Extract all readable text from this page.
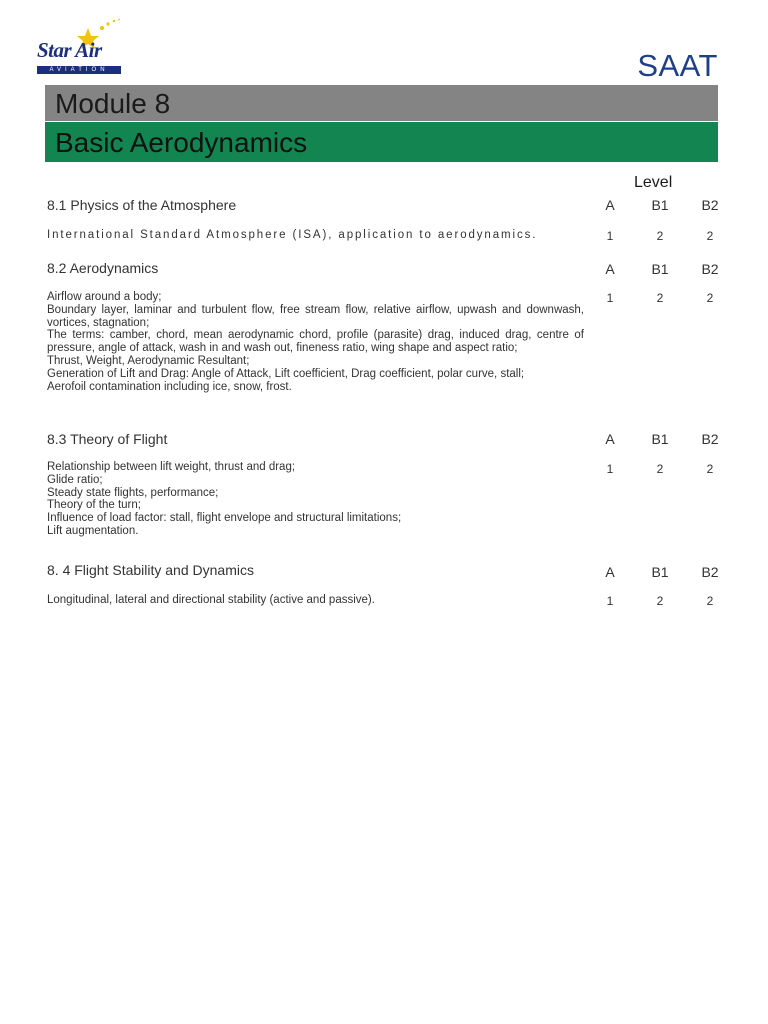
Star Air
AVIATION	SAAT
Module 8
Basic Aerodynamics
Level
8.1 Physics of the Atmosphere	A	B1	B2
International Standard Atmosphere (ISA), application to aerodynamics.	1	2	2
8.2 Aerodynamics	A	B1	B2
Airflow around a body;
Boundary layer, laminar and turbulent flow, free stream flow, relative airflow, upwash and downwash, vortices, stagnation;
The terms: camber, chord, mean aerodynamic chord, profile (parasite) drag, induced drag, centre of pressure, angle of attack, wash in and wash out, fineness ratio, wing shape and aspect ratio;
Thrust, Weight, Aerodynamic Resultant;
Generation of Lift and Drag: Angle of Attack, Lift coefficient, Drag coefficient, polar curve, stall;
Aerofoil contamination including ice, snow, frost.
1	2	2
8.3 Theory of Flight	A	B1	B2
Relationship between lift weight, thrust and drag;
Glide ratio;
Steady state flights, performance;
Theory of the turn;
Influence of load factor: stall, flight envelope and structural limitations;
Lift augmentation.
1	2	2
8. 4 Flight Stability and Dynamics	A	B1	B2
Longitudinal, lateral and directional stability (active and passive).	1	2	2
